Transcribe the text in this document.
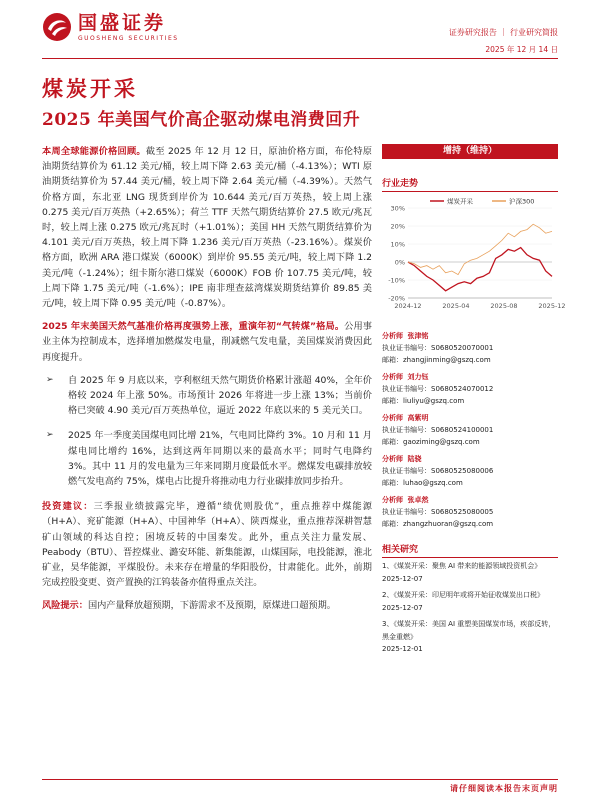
国盛证券
GUOSHENG SECURITIES
证券研究报告 ｜ 行业研究简报
2025 年 12 月 14 日
煤炭开采
2025 年美国气价高企驱动煤电消费回升

本周全球能源价格回顾。截至 2025 年 12 月 12 日，原油价格方面，布伦特原油期货结算价为 61.12 美元/桶，较上周下降 2.63 美元/桶（-4.13%）；WTI 原油期货结算价为 57.44 美元/桶，较上周下降 2.64 美元/桶（-4.39%）。天然气价格方面，东北亚 LNG 现货到岸价为 10.644 美元/百万英热，较上周上涨 0.275 美元/百万英热（+2.65%）；荷兰 TTF 天然气期货结算价 27.5 欧元/兆瓦时，较上周上涨 0.275 欧元/兆瓦时（+1.01%）；美国 HH 天然气期货结算价为 4.101 美元/百万英热，较上周下降 1.236 美元/百万英热（-23.16%）。煤炭价格方面，欧洲 ARA 港口煤炭（6000K）到岸价 95.55 美元/吨，较上周下降 1.2 美元/吨（-1.24%）；纽卡斯尔港口煤炭（6000K）FOB 价 107.75 美元/吨，较上周下降 1.75 美元/吨（-1.6%）；IPE 南非理查兹湾煤炭期货结算价 89.85 美元/吨，较上周下降 0.95 美元/吨（-0.87%）。

2025 年末美国天然气基准价格再度强势上涨，重演年初“气转煤”格局。公用事业主体为控制成本，选择增加燃煤发电量，削减燃气发电量，美国煤炭消费因此再度提升。

➢	自 2025 年 9 月底以来，亨利枢纽天然气期货价格累计涨超 40%，全年价格较 2024 年上涨 50%。市场预计 2026 年将进一步上涨 13%；当前价格已突破 4.90 美元/百万英热单位，逼近 2022 年底以来的 5 美元关口。
➢	2025 年一季度美国煤电同比增 21%，气电同比降约 3%。10 月和 11 月煤电同比增约 16%，达到这两年同期以来的最高水平；同时气电降约 3%。其中 11 月的发电量为三年来同期月度最低水平。燃煤发电碳排放较燃气发电高约 75%，煤电占比提升将推动电力行业碳排放同步抬升。

投资建议：三季报业绩披露完毕，遵循“绩优则股优”，重点推荐中煤能源（H+A）、兖矿能源（H+A）、中国神华（H+A）、陕西煤业，重点推荐深耕智慧矿山领域的科达自控；困境反转的中国秦发。此外，重点关注力量发展、Peabody（BTU）、晋控煤业、潞安环能、新集能源，山煤国际，电投能源，淮北矿业，昊华能源，平煤股份。未来存在增量的华阳股份，甘肃能化。此外，前期完成控股变更、资产置换的江钨装备亦值得重点关注。

风险提示：国内产量释放超预期，下游需求不及预期，原煤进口超预期。

增持（维持）
行业走势
30%
20%
10%
0%
-10%
-20%
2024-12	2025-04	2025-08	2025-12
煤炭开采	沪深300
分析师 张津铭
执业证书编号：S0680520070001
邮箱：zhangjinming@gszq.com
分析师 刘力钰
执业证书编号：S0680524070012
邮箱：liuliyu@gszq.com
分析师 高紫明
执业证书编号：S0680524100001
邮箱：gaoziming@gszq.com
分析师 陆骁
执业证书编号：S0680525080006
邮箱：luhao@gszq.com
分析师 张卓然
执业证书编号：S0680525080005
邮箱：zhangzhuoran@gszq.com
相关研究
1、《煤炭开采：聚焦 AI 带来的能源领域投资机会》
2025-12-07
2、《煤炭开采：印尼明年或将开始征收煤炭出口税》
2025-12-07
3、《煤炭开采：美国 AI 重塑美国煤炭市场，疾部反转，黑金重燃》
2025-12-01
请仔细阅读本报告末页声明
